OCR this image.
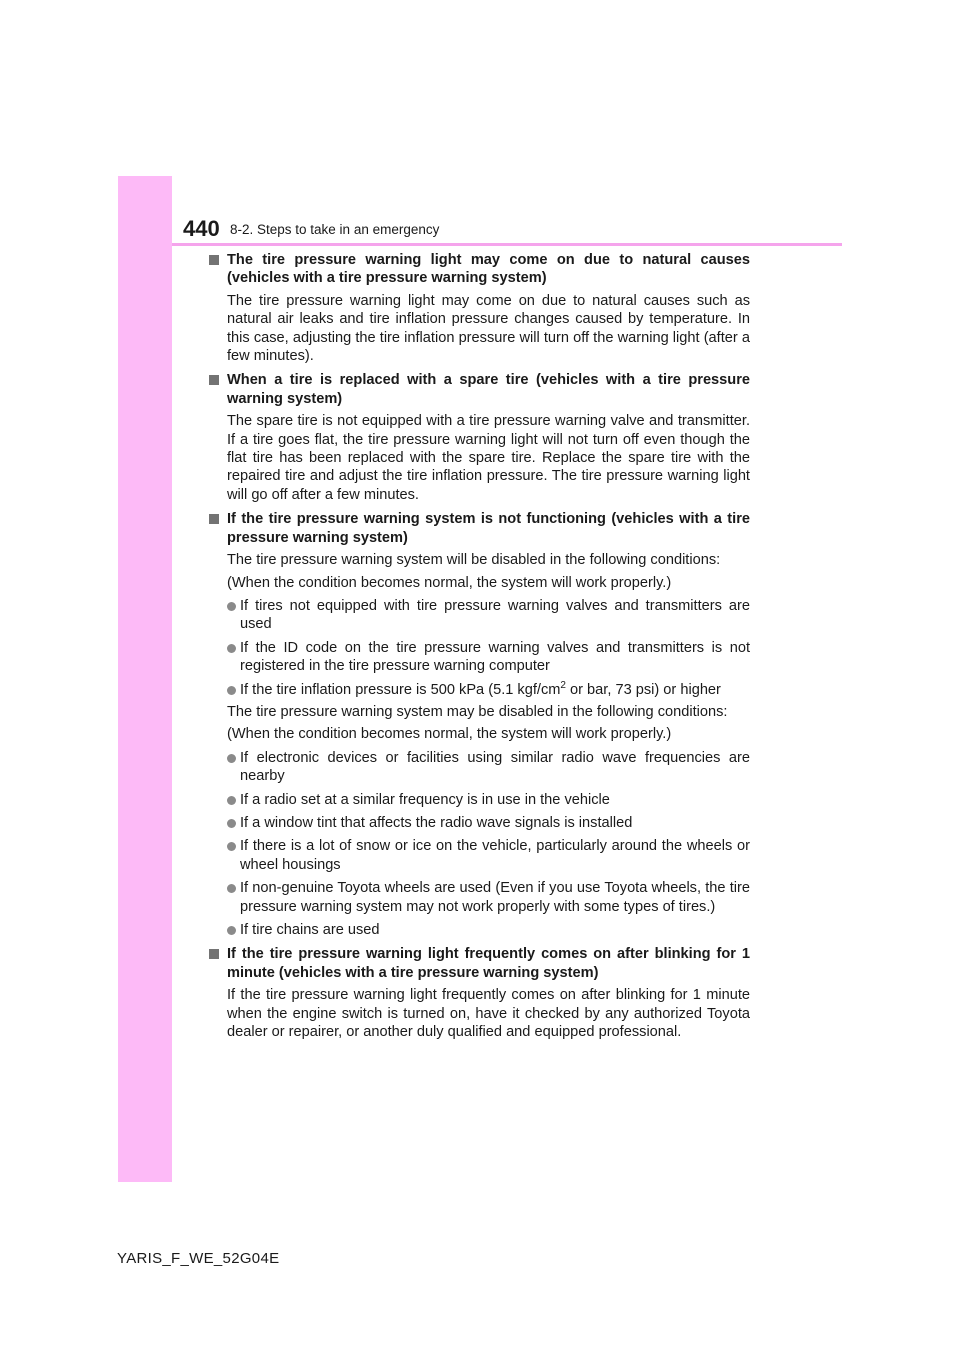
440 8-2. Steps to take in an emergency
The tire pressure warning light may come on due to natural causes (vehicles with a tire pressure warning system)
The tire pressure warning light may come on due to natural causes such as natural air leaks and tire inflation pressure changes caused by temperature. In this case, adjusting the tire inflation pressure will turn off the warning light (after a few minutes).
When a tire is replaced with a spare tire (vehicles with a tire pressure warning system)
The spare tire is not equipped with a tire pressure warning valve and transmitter. If a tire goes flat, the tire pressure warning light will not turn off even though the flat tire has been replaced with the spare tire. Replace the spare tire with the repaired tire and adjust the tire inflation pressure. The tire pressure warning light will go off after a few minutes.
If the tire pressure warning system is not functioning (vehicles with a tire pressure warning system)
The tire pressure warning system will be disabled in the following conditions:
(When the condition becomes normal, the system will work properly.)
If tires not equipped with tire pressure warning valves and transmitters are used
If the ID code on the tire pressure warning valves and transmitters is not registered in the tire pressure warning computer
If the tire inflation pressure is 500 kPa (5.1 kgf/$cm^2$ or bar, 73 psi) or higher
The tire pressure warning system may be disabled in the following conditions:
(When the condition becomes normal, the system will work properly.)
If electronic devices or facilities using similar radio wave frequencies are nearby
If a radio set at a similar frequency is in use in the vehicle
If a window tint that affects the radio wave signals is installed
If there is a lot of snow or ice on the vehicle, particularly around the wheels or wheel housings
If non-genuine Toyota wheels are used (Even if you use Toyota wheels, the tire pressure warning system may not work properly with some types of tires.)
If tire chains are used
If the tire pressure warning light frequently comes on after blinking for 1 minute (vehicles with a tire pressure warning system)
If the tire pressure warning light frequently comes on after blinking for 1 minute when the engine switch is turned on, have it checked by any authorized Toyota dealer or repairer, or another duly qualified and equipped professional.
YARIS_F_WE_52G04E
